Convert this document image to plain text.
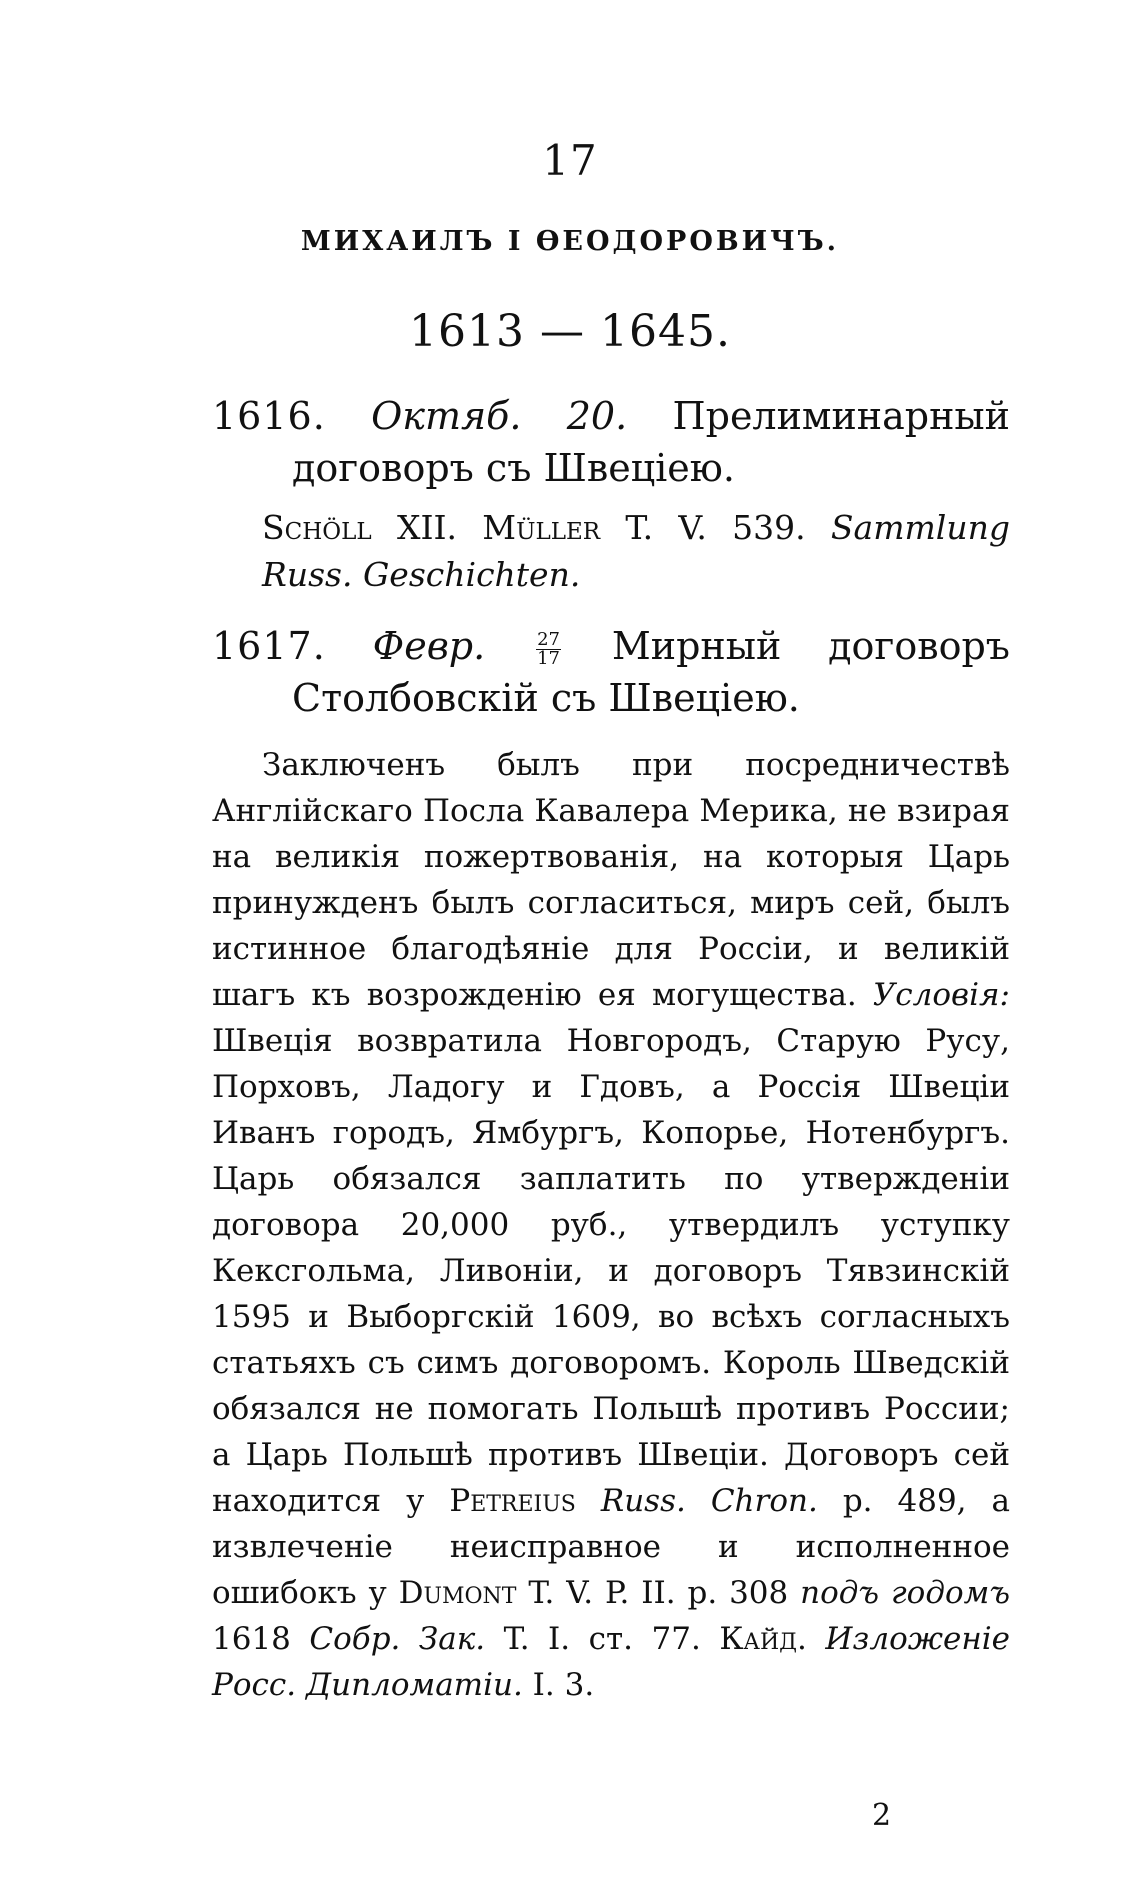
17
МИХАИЛЪ I ѲЕОДОРОВИЧЪ.
1613 — 1645.

1616. Октяб. 20. Прелиминарный договоръ съ Швеціею.

Schöll XII. Müller T. V. 539. Sammlung Russ. Geschichten.

1617. Февр.	$\frac{27}{17}$ Мирный договоръ Столбовскій съ Швеціею.

Заключенъ былъ при посредничествѣ Англійскаго Посла Кавалера Мерика, не взирая на великія пожертвованія, на которыя Царь принужденъ былъ согласиться, миръ сей, былъ истинное благодѣяніе для Россіи, и великій шагъ къ возрожденію ея могущества. Условія: Швеція возвратила Новгородъ, Старую Русу, Порховъ, Ладогу и Гдовъ, а Россія Швеціи Иванъ городъ, Ямбургъ, Копорье, Нотенбургъ. Царь обязался заплатить по утвержденіи договора 20,000 руб., утвердилъ уступку Кексгольма, Ливоніи, и договоръ Тявзинскій 1595 и Выборгскій 1609, во всѣхъ согласныхъ статьяхъ съ симъ договоромъ. Король Шведскій обязался не помогать Польшѣ противъ России; а Царь Польшѣ противъ Швеціи. Договоръ сей находится у Petreius Russ. Chron. p. 489, а извлеченіе неисправное и исполненное ошибокъ у Dumont T. V. P. II. p. 308 подъ годомъ 1618 Собр. Зак. T. I. ст. 77. Кайд. Изложеніе Росс. Дипломатіи. I. 3.

2
